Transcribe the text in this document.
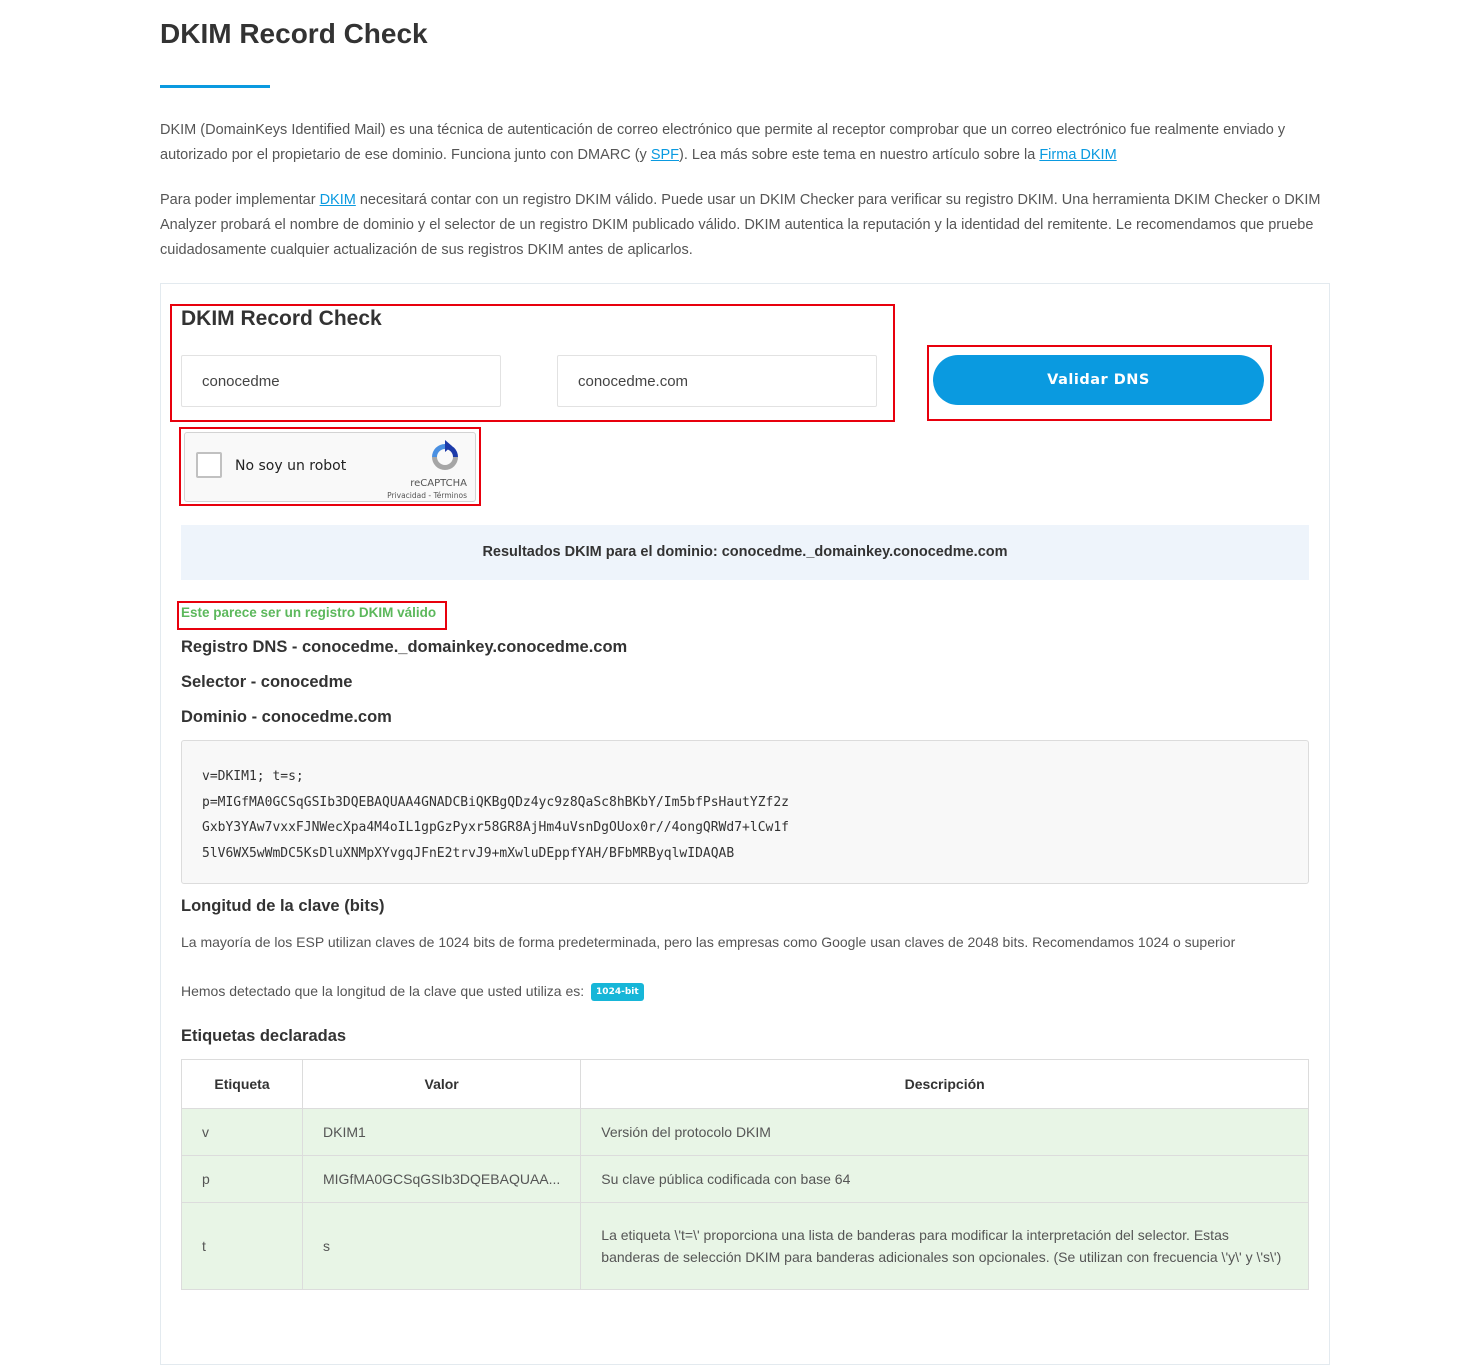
DKIM Record Check

DKIM (DomainKeys Identified Mail) es una técnica de autenticación de correo electrónico que permite al receptor comprobar que un correo electrónico fue realmente enviado y autorizado por el propietario de ese dominio. Funciona junto con DMARC (y SPF). Lea más sobre este tema en nuestro artículo sobre la Firma DKIM

Para poder implementar DKIM necesitará contar con un registro DKIM válido. Puede usar un DKIM Checker para verificar su registro DKIM. Una herramienta DKIM Checker o DKIM Analyzer probará el nombre de dominio y el selector de un registro DKIM publicado válido. DKIM autentica la reputación y la identidad del remitente. Le recomendamos que pruebe cuidadosamente cualquier actualización de sus registros DKIM antes de aplicarlos.

DKIM Record Check
conocedme
conocedme.com
Validar DNS
No soy un robot
reCAPTCHA
Privacidad - Términos
Resultados DKIM para el dominio: conocedme._domainkey.conocedme.com
Este parece ser un registro DKIM válido
Registro DNS - conocedme._domainkey.conocedme.com
Selector - conocedme
Dominio - conocedme.com
v=DKIM1; t=s;
p=MIGfMA0GCSqGSIb3DQEBAQUAA4GNADCBiQKBgQDz4yc9z8QaSc8hBKbY/Im5bfPsHautYZf2z
GxbY3YAw7vxxFJNWecXpa4M4oIL1gpGzPyxr58GR8AjHm4uVsnDgOUox0r//4ongQRWd7+lCw1f
5lV6WX5wWmDC5KsDluXNMpXYvgqJFnE2trvJ9+mXwluDEppfYAH/BFbMRByqlwIDAQAB
Longitud de la clave (bits)
La mayoría de los ESP utilizan claves de 1024 bits de forma predeterminada, pero las empresas como Google usan claves de 2048 bits. Recomendamos 1024 o superior
Hemos detectado que la longitud de la clave que usted utiliza es: 1024-bit
Etiquetas declaradas
Etiqueta	Valor	Descripción
v	DKIM1	Versión del protocolo DKIM
p	MIGfMA0GCSqGSIb3DQEBAQUAA...	Su clave pública codificada con base 64
t	s	La etiqueta \'t=\' proporciona una lista de banderas para modificar la interpretación del selector. Estas banderas de selección DKIM para banderas adicionales son opcionales. (Se utilizan con frecuencia \'y\' y \'s\')
